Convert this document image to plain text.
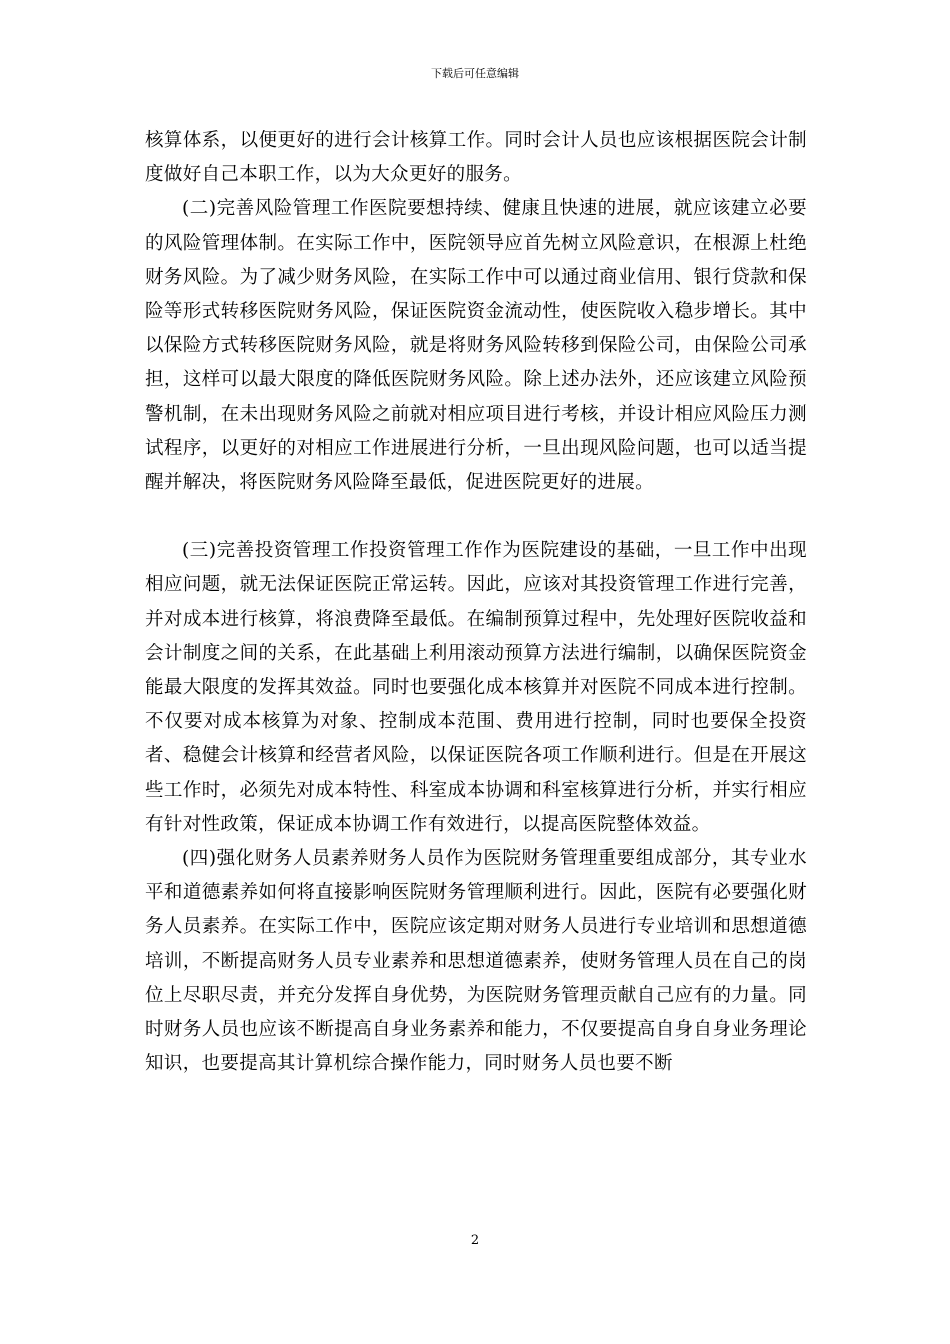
下载后可任意编辑

核算体系，以便更好的进行会计核算工作。同时会计人员也应该根据医院会计制度做好自己本职工作，以为大众更好的服务。

(二)完善风险管理工作医院要想持续、健康且快速的进展，就应该建立必要的风险管理体制。在实际工作中，医院领导应首先树立风险意识，在根源上杜绝财务风险。为了减少财务风险，在实际工作中可以通过商业信用、银行贷款和保险等形式转移医院财务风险，保证医院资金流动性，使医院收入稳步增长。其中以保险方式转移医院财务风险，就是将财务风险转移到保险公司，由保险公司承担，这样可以最大限度的降低医院财务风险。除上述办法外，还应该建立风险预警机制，在未出现财务风险之前就对相应项目进行考核，并设计相应风险压力测试程序，以更好的对相应工作进展进行分析，一旦出现风险问题，也可以适当提醒并解决，将医院财务风险降至最低，促进医院更好的进展。

(三)完善投资管理工作投资管理工作作为医院建设的基础，一旦工作中出现相应问题，就无法保证医院正常运转。因此，应该对其投资管理工作进行完善，并对成本进行核算，将浪费降至最低。在编制预算过程中，先处理好医院收益和会计制度之间的关系，在此基础上利用滚动预算方法进行编制，以确保医院资金能最大限度的发挥其效益。同时也要强化成本核算并对医院不同成本进行控制。不仅要对成本核算为对象、控制成本范围、费用进行控制，同时也要保全投资者、稳健会计核算和经营者风险，以保证医院各项工作顺利进行。但是在开展这些工作时，必须先对成本特性、科室成本协调和科室核算进行分析，并实行相应有针对性政策，保证成本协调工作有效进行，以提高医院整体效益。

(四)强化财务人员素养财务人员作为医院财务管理重要组成部分，其专业水平和道德素养如何将直接影响医院财务管理顺利进行。因此，医院有必要强化财务人员素养。在实际工作中，医院应该定期对财务人员进行专业培训和思想道德培训，不断提高财务人员专业素养和思想道德素养，使财务管理人员在自己的岗位上尽职尽责，并充分发挥自身优势，为医院财务管理贡献自己应有的力量。同时财务人员也应该不断提高自身业务素养和能力，不仅要提高自身自身业务理论知识，也要提高其计算机综合操作能力，同时财务人员也要不断

2
